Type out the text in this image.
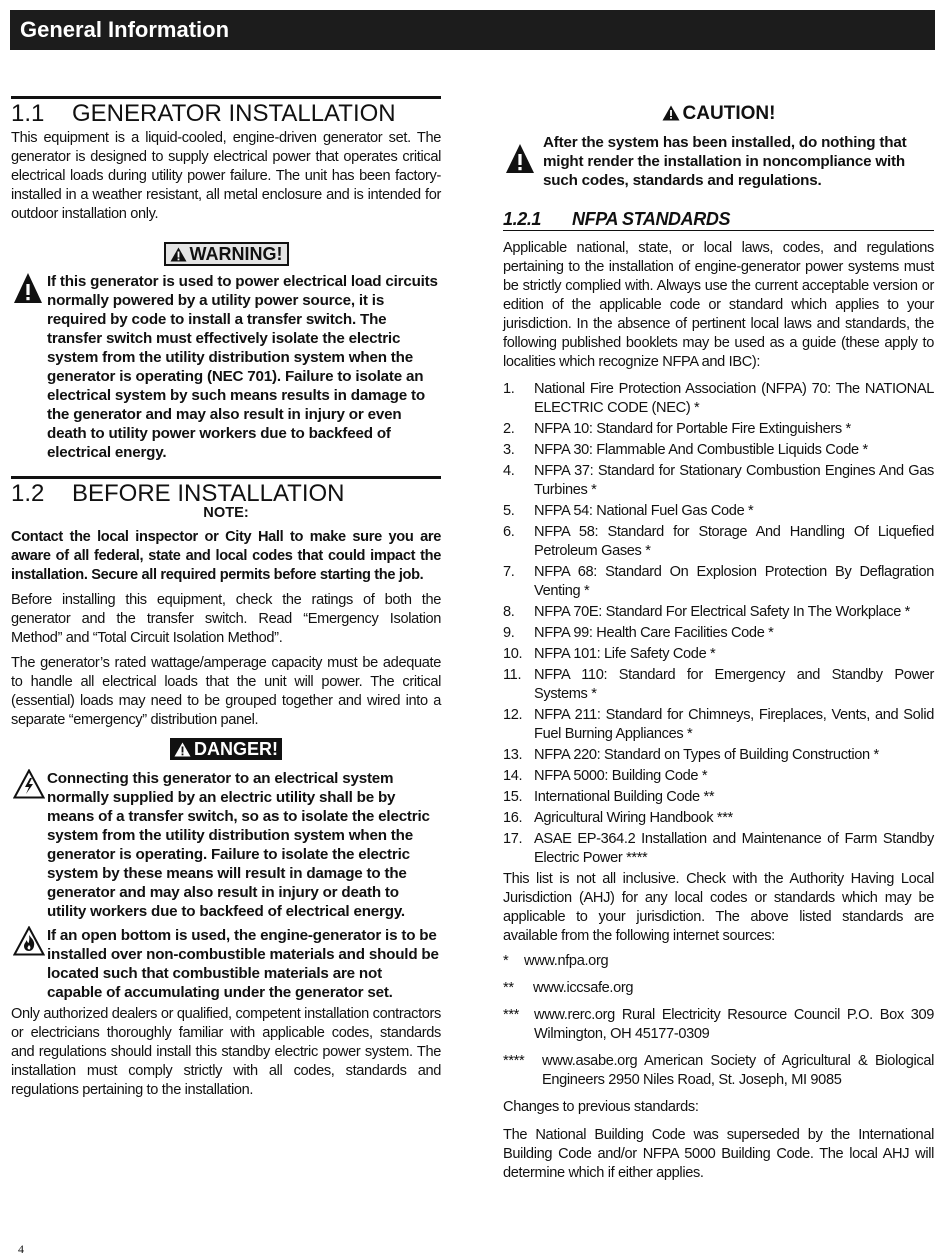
General Information
1.1 GENERATOR INSTALLATION

This equipment is a liquid-cooled, engine-driven generator set. The generator is designed to supply electrical power that operates critical electrical loads during utility power failure. The unit has been factory-installed in a weather resistant, all metal enclosure and is intended for outdoor installation only.

WARNING!
If this generator is used to power electrical load circuits normally powered by a utility power source, it is required by code to install a transfer switch. The transfer switch must effectively isolate the electric system from the utility distribution system when the generator is operating (NEC 701). Failure to isolate an electrical system by such means results in damage to the generator and may also result in injury or even death to utility power workers due to backfeed of electrical energy.
1.2 BEFORE INSTALLATION
NOTE:

Contact the local inspector or City Hall to make sure you are aware of all federal, state and local codes that could impact the installation. Secure all required permits before starting the job.

Before installing this equipment, check the ratings of both the generator and the transfer switch. Read “Emergency Isolation Method” and “Total Circuit Isolation Method”.

The generator’s rated wattage/amperage capacity must be adequate to handle all electrical loads that the unit will power. The critical (essential) loads may need to be grouped together and wired into a separate “emergency” distribution panel.

DANGER!
Connecting this generator to an electrical system normally supplied by an electric utility shall be by means of a transfer switch, so as to isolate the electric system from the utility distribution system when the generator is operating. Failure to isolate the electric system by these means will result in damage to the generator and may also result in injury or death to utility workers due to backfeed of electrical energy.
If an open bottom is used, the engine-generator is to be installed over non-combustible materials and should be located such that combustible materials are not capable of accumulating under the generator set.

Only authorized dealers or qualified, competent installation contractors or electricians thoroughly familiar with applicable codes, standards and regulations should install this standby electric power system. The installation must comply strictly with all codes, standards and regulations pertaining to the installation.

CAUTION!
After the system has been installed, do nothing that might render the installation in noncompliance with such codes, standards and regulations.
1.2.1 NFPA STANDARDS

Applicable national, state, or local laws, codes, and regulations pertaining to the installation of engine-generator power systems must be strictly complied with. Always use the current acceptable version or edition of the applicable code or standard which applies to your jurisdiction. In the absence of pertinent local laws and standards, the following published booklets may be used as a guide (these apply to localities which recognize NFPA and IBC):

1. National Fire Protection Association (NFPA) 70: The NATIONAL ELECTRIC CODE (NEC) *
2. NFPA 10: Standard for Portable Fire Extinguishers *
3. NFPA 30: Flammable And Combustible Liquids Code *
4. NFPA 37: Standard for Stationary Combustion Engines And Gas Turbines *
5. NFPA 54: National Fuel Gas Code *
6. NFPA 58: Standard for Storage And Handling Of Liquefied Petroleum Gases *
7. NFPA 68: Standard On Explosion Protection By Deflagration Venting *
8. NFPA 70E: Standard For Electrical Safety In The Workplace *
9. NFPA 99: Health Care Facilities Code *
10. NFPA 101: Life Safety Code *
11. NFPA 110: Standard for Emergency and Standby Power Systems *
12. NFPA 211: Standard for Chimneys, Fireplaces, Vents, and Solid Fuel Burning Appliances *
13. NFPA 220: Standard on Types of Building Construction *
14. NFPA 5000: Building Code *
15. International Building Code **
16. Agricultural Wiring Handbook ***
17. ASAE EP-364.2 Installation and Maintenance of Farm Standby Electric Power ****

This list is not all inclusive. Check with the Authority Having Local Jurisdiction (AHJ) for any local codes or standards which may be applicable to your jurisdiction. The above listed standards are available from the following internet sources:

* www.nfpa.org
** www.iccsafe.org
*** www.rerc.org Rural Electricity Resource Council P.O. Box 309 Wilmington, OH 45177-0309
**** www.asabe.org American Society of Agricultural & Biological Engineers 2950 Niles Road, St. Joseph, MI 9085

Changes to previous standards:

The National Building Code was superseded by the International Building Code and/or NFPA 5000 Building Code. The local AHJ will determine which if either applies.

4
